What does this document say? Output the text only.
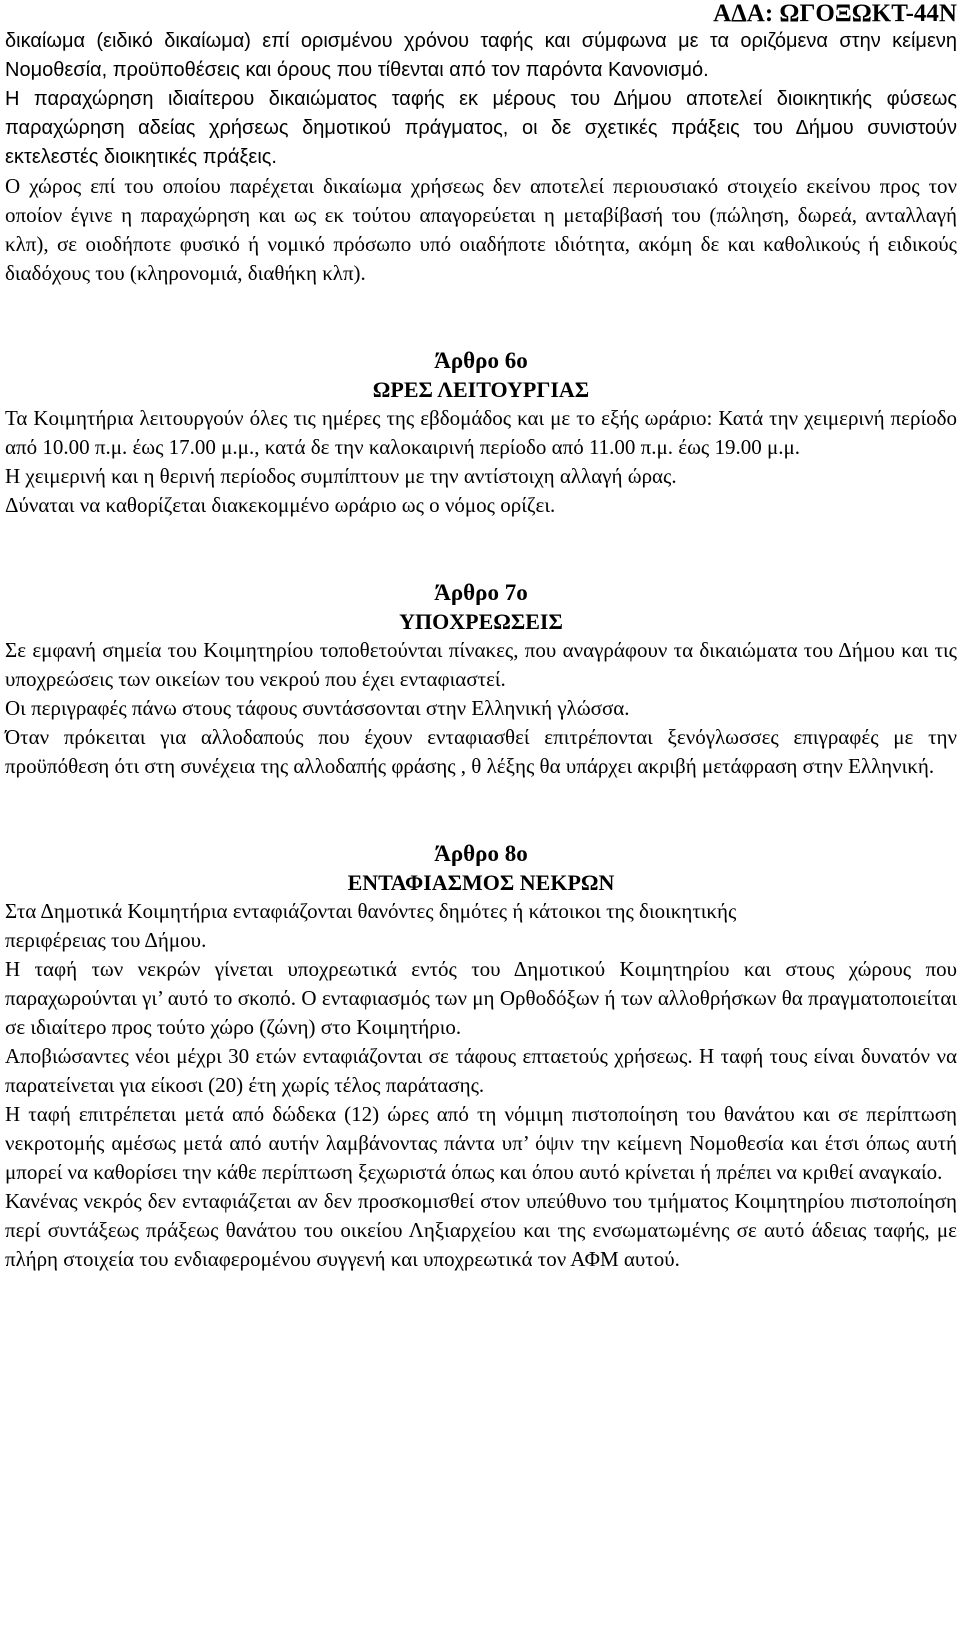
ΑΔΑ: ΩΓΟΞΩΚΤ-44Ν

δικαίωμα (ειδικό δικαίωμα) επί ορισμένου χρόνου ταφής και σύμφωνα με τα οριζόμενα στην κείμενη Νομοθεσία, προϋποθέσεις και όρους που τίθενται από τον παρόντα Κανονισμό.

Η παραχώρηση ιδιαίτερου δικαιώματος ταφής εκ μέρους του Δήμου αποτελεί διοικητικής φύσεως παραχώρηση αδείας χρήσεως δημοτικού πράγματος, οι δε σχετικές πράξεις του Δήμου συνιστούν εκτελεστές διοικητικές πράξεις.

Ο χώρος επί του οποίου παρέχεται δικαίωμα χρήσεως δεν αποτελεί περιουσιακό στοιχείο εκείνου προς τον οποίον έγινε η παραχώρηση και ως εκ τούτου απαγορεύεται η μεταβίβασή του (πώληση, δωρεά, ανταλλαγή κλπ), σε οιοδήποτε φυσικό ή νομικό πρόσωπο υπό οιαδήποτε ιδιότητα, ακόμη δε και καθολικούς ή ειδικούς διαδόχους του (κληρονομιά, διαθήκη κλπ).

Άρθρο 6ο
ΩΡΕΣ ΛΕΙΤΟΥΡΓΙΑΣ

Τα Κοιμητήρια λειτουργούν όλες τις ημέρες της εβδομάδος και με το εξής ωράριο: Κατά την χειμερινή περίοδο από 10.00 π.μ. έως 17.00 μ.μ., κατά δε την καλοκαιρινή περίοδο από 11.00 π.μ. έως 19.00 μ.μ.

Η χειμερινή και η θερινή περίοδος συμπίπτουν με την αντίστοιχη αλλαγή ώρας.

Δύναται να καθορίζεται διακεκομμένο ωράριο ως ο νόμος ορίζει.

Άρθρο 7ο
ΥΠΟΧΡΕΩΣΕΙΣ

Σε εμφανή σημεία του Κοιμητηρίου τοποθετούνται πίνακες, που αναγράφουν τα δικαιώματα του Δήμου και τις υποχρεώσεις των οικείων του νεκρού που έχει ενταφιαστεί.

Οι περιγραφές πάνω στους τάφους συντάσσονται στην Ελληνική γλώσσα.

Όταν πρόκειται για αλλοδαπούς που έχουν ενταφιασθεί επιτρέπονται ξενόγλωσσες επιγραφές με την προϋπόθεση ότι στη συνέχεια της αλλοδαπής φράσης , θ λέξης θα υπάρχει ακριβή μετάφραση στην Ελληνική.

Άρθρο 8ο
ΕΝΤΑΦΙΑΣΜΟΣ ΝΕΚΡΩΝ

Στα Δημοτικά Κοιμητήρια ενταφιάζονται θανόντες δημότες ή κάτοικοι της διοικητικής

περιφέρειας του Δήμου.

Η ταφή των νεκρών γίνεται υποχρεωτικά εντός του Δημοτικού Κοιμητηρίου και στους χώρους που παραχωρούνται γι’ αυτό το σκοπό. Ο ενταφιασμός των μη Ορθοδόξων ή των αλλοθρήσκων θα πραγματοποιείται σε ιδιαίτερο προς τούτο χώρο (ζώνη) στο Κοιμητήριο.

Αποβιώσαντες νέοι μέχρι 30 ετών ενταφιάζονται σε τάφους επταετούς χρήσεως. Η ταφή τους είναι δυνατόν να παρατείνεται για είκοσι (20) έτη χωρίς τέλος παράτασης.

Η ταφή επιτρέπεται μετά από δώδεκα (12) ώρες από τη νόμιμη πιστοποίηση του θανάτου και σε περίπτωση νεκροτομής αμέσως μετά από αυτήν λαμβάνοντας πάντα υπ’ όψιν την κείμενη Νομοθεσία και έτσι όπως αυτή μπορεί να καθορίσει την κάθε περίπτωση ξεχωριστά όπως και όπου αυτό κρίνεται ή πρέπει να κριθεί αναγκαίο.

Κανένας νεκρός δεν ενταφιάζεται αν δεν προσκομισθεί στον υπεύθυνο του τμήματος Κοιμητηρίου πιστοποίηση περί συντάξεως πράξεως θανάτου του οικείου Ληξιαρχείου και της ενσωματωμένης σε αυτό άδειας ταφής, με πλήρη στοιχεία του ενδιαφερομένου συγγενή και υποχρεωτικά τον ΑΦΜ αυτού.
